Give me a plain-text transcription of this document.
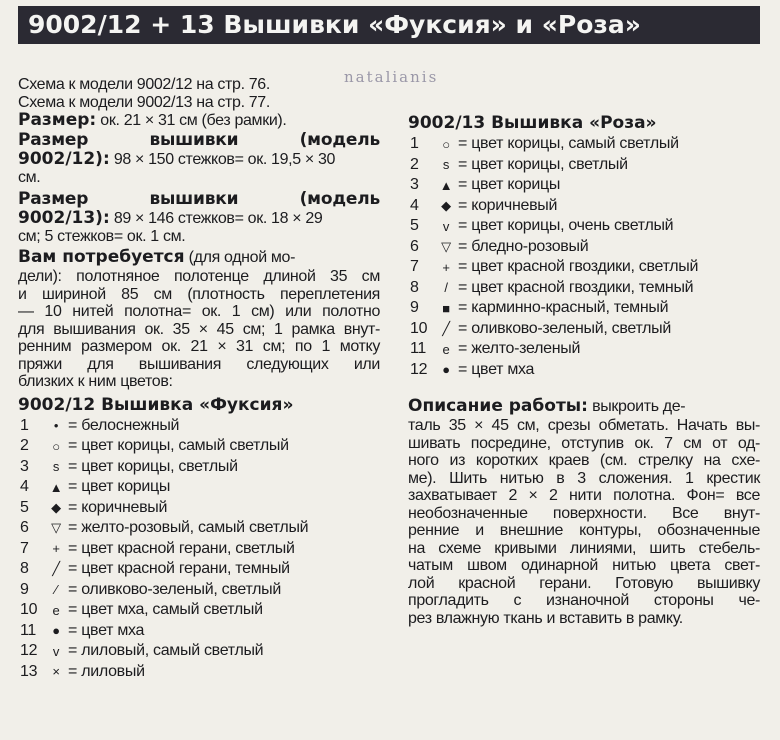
9002/12 + 13 Вышивки «Фуксия» и «Роза»
natalianis
Схема к модели 9002/12 на стр. 76.
Схема к модели 9002/13 на стр. 77.
Размер: ок. 21 × 31 см (без рамки).
Размер вышивки (модель
9002/12): 98 × 150 стежков= ок. 19,5 × 30
см.
Размер вышивки (модель
9002/13): 89 × 146 стежков= ок. 18 × 29
см; 5 стежков= ок. 1 см.
Вам потребуется (для одной мо-
дели): полотняное полотенце длиной 35 см
и шириной 85 см (плотность переплетения
— 10 нитей полотна= ок. 1 см) или полотно
для вышивания ок. 35 × 45 см; 1 рамка внут-
ренним размером ок. 21 × 31 см; по 1 мотку
пряжи для вышивания следующих или
близких к ним цветов:
9002/12 Вышивка «Фуксия»
1	• = белоснежный
2	○ = цвет корицы, самый светлый
3	s = цвет корицы, светлый
4	▲ = цвет корицы
5	◆ = коричневый
6	▽ = желто-розовый, самый светлый
7	+ = цвет красной герани, светлый
8	╱ = цвет красной герани, темный
9	⁄ = оливково-зеленый, светлый
10	e = цвет мха, самый светлый
11	● = цвет мха
12	v = лиловый, самый светлый
13	× = лиловый
9002/13 Вышивка «Роза»
1	○ = цвет корицы, самый светлый
2	s = цвет корицы, светлый
3	▲ = цвет корицы
4	◆ = коричневый
5	v = цвет корицы, очень светлый
6	▽ = бледно-розовый
7	+ = цвет красной гвоздики, светлый
8	/ = цвет красной гвоздики, темный
9	■ = карминно-красный, темный
10	╱ = оливково-зеленый, светлый
11	e = желто-зеленый
12	● = цвет мха
Описание работы: выкроить де-
таль 35 × 45 см, срезы обметать. Начать вы-
шивать посредине, отступив ок. 7 см от од-
ного из коротких краев (см. стрелку на схе-
ме). Шить нитью в 3 сложения. 1 крестик
захватывает 2 × 2 нити полотна. Фон= все
необозначенные поверхности. Все внут-
ренние и внешние контуры, обозначенные
на схеме кривыми линиями, шить стебель-
чатым швом одинарной нитью цвета свет-
лой красной герани. Готовую вышивку
прогладить с изнаночной стороны че-
рез влажную ткань и вставить в рамку.
